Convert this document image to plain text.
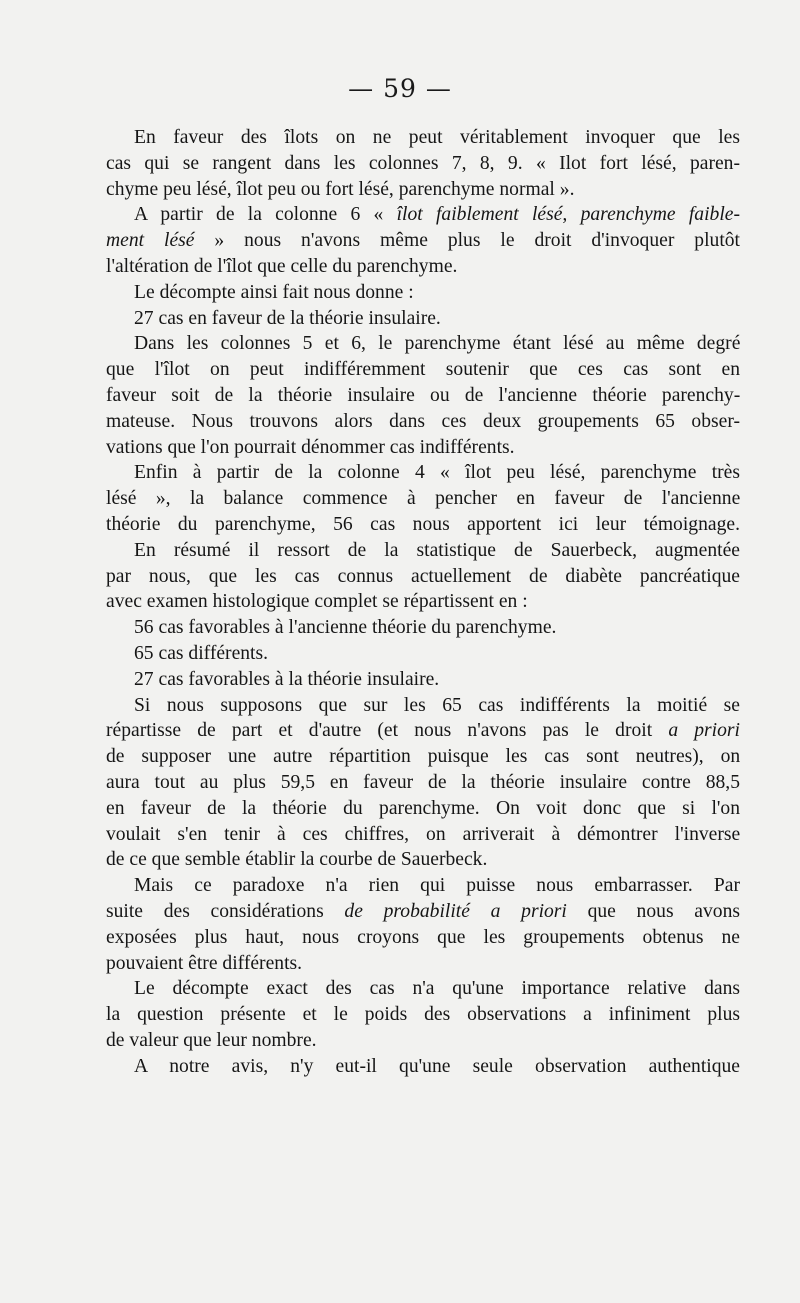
— 59 —
En faveur des îlots on ne peut véritablement invoquer que les
cas qui se rangent dans les colonnes 7, 8, 9. « Ilot fort lésé, paren-
chyme peu lésé, îlot peu ou fort lésé, parenchyme normal ».
A partir de la colonne 6 « îlot faiblement lésé, parenchyme faible-
ment lésé » nous n'avons même plus le droit d'invoquer plutôt
l'altération de l'îlot que celle du parenchyme.
Le décompte ainsi fait nous donne :
27 cas en faveur de la théorie insulaire.
Dans les colonnes 5 et 6, le parenchyme étant lésé au même degré
que l'îlot on peut indifféremment soutenir que ces cas sont en
faveur soit de la théorie insulaire ou de l'ancienne théorie parenchy-
mateuse. Nous trouvons alors dans ces deux groupements 65 obser-
vations que l'on pourrait dénommer cas indifférents.
Enfin à partir de la colonne 4 « îlot peu lésé, parenchyme très
lésé », la balance commence à pencher en faveur de l'ancienne
théorie du parenchyme, 56 cas nous apportent ici leur témoignage.
En résumé il ressort de la statistique de Sauerbeck, augmentée
par nous, que les cas connus actuellement de diabète pancréatique
avec examen histologique complet se répartissent en :
56 cas favorables à l'ancienne théorie du parenchyme.
65 cas différents.
27 cas favorables à la théorie insulaire.
Si nous supposons que sur les 65 cas indifférents la moitié se
répartisse de part et d'autre (et nous n'avons pas le droit a priori
de supposer une autre répartition puisque les cas sont neutres), on
aura tout au plus 59,5 en faveur de la théorie insulaire contre 88,5
en faveur de la théorie du parenchyme. On voit donc que si l'on
voulait s'en tenir à ces chiffres, on arriverait à démontrer l'inverse
de ce que semble établir la courbe de Sauerbeck.
Mais ce paradoxe n'a rien qui puisse nous embarrasser. Par
suite des considérations de probabilité a priori que nous avons
exposées plus haut, nous croyons que les groupements obtenus ne
pouvaient être différents.
Le décompte exact des cas n'a qu'une importance relative dans
la question présente et le poids des observations a infiniment plus
de valeur que leur nombre.
A notre avis, n'y eut-il qu'une seule observation authentique
